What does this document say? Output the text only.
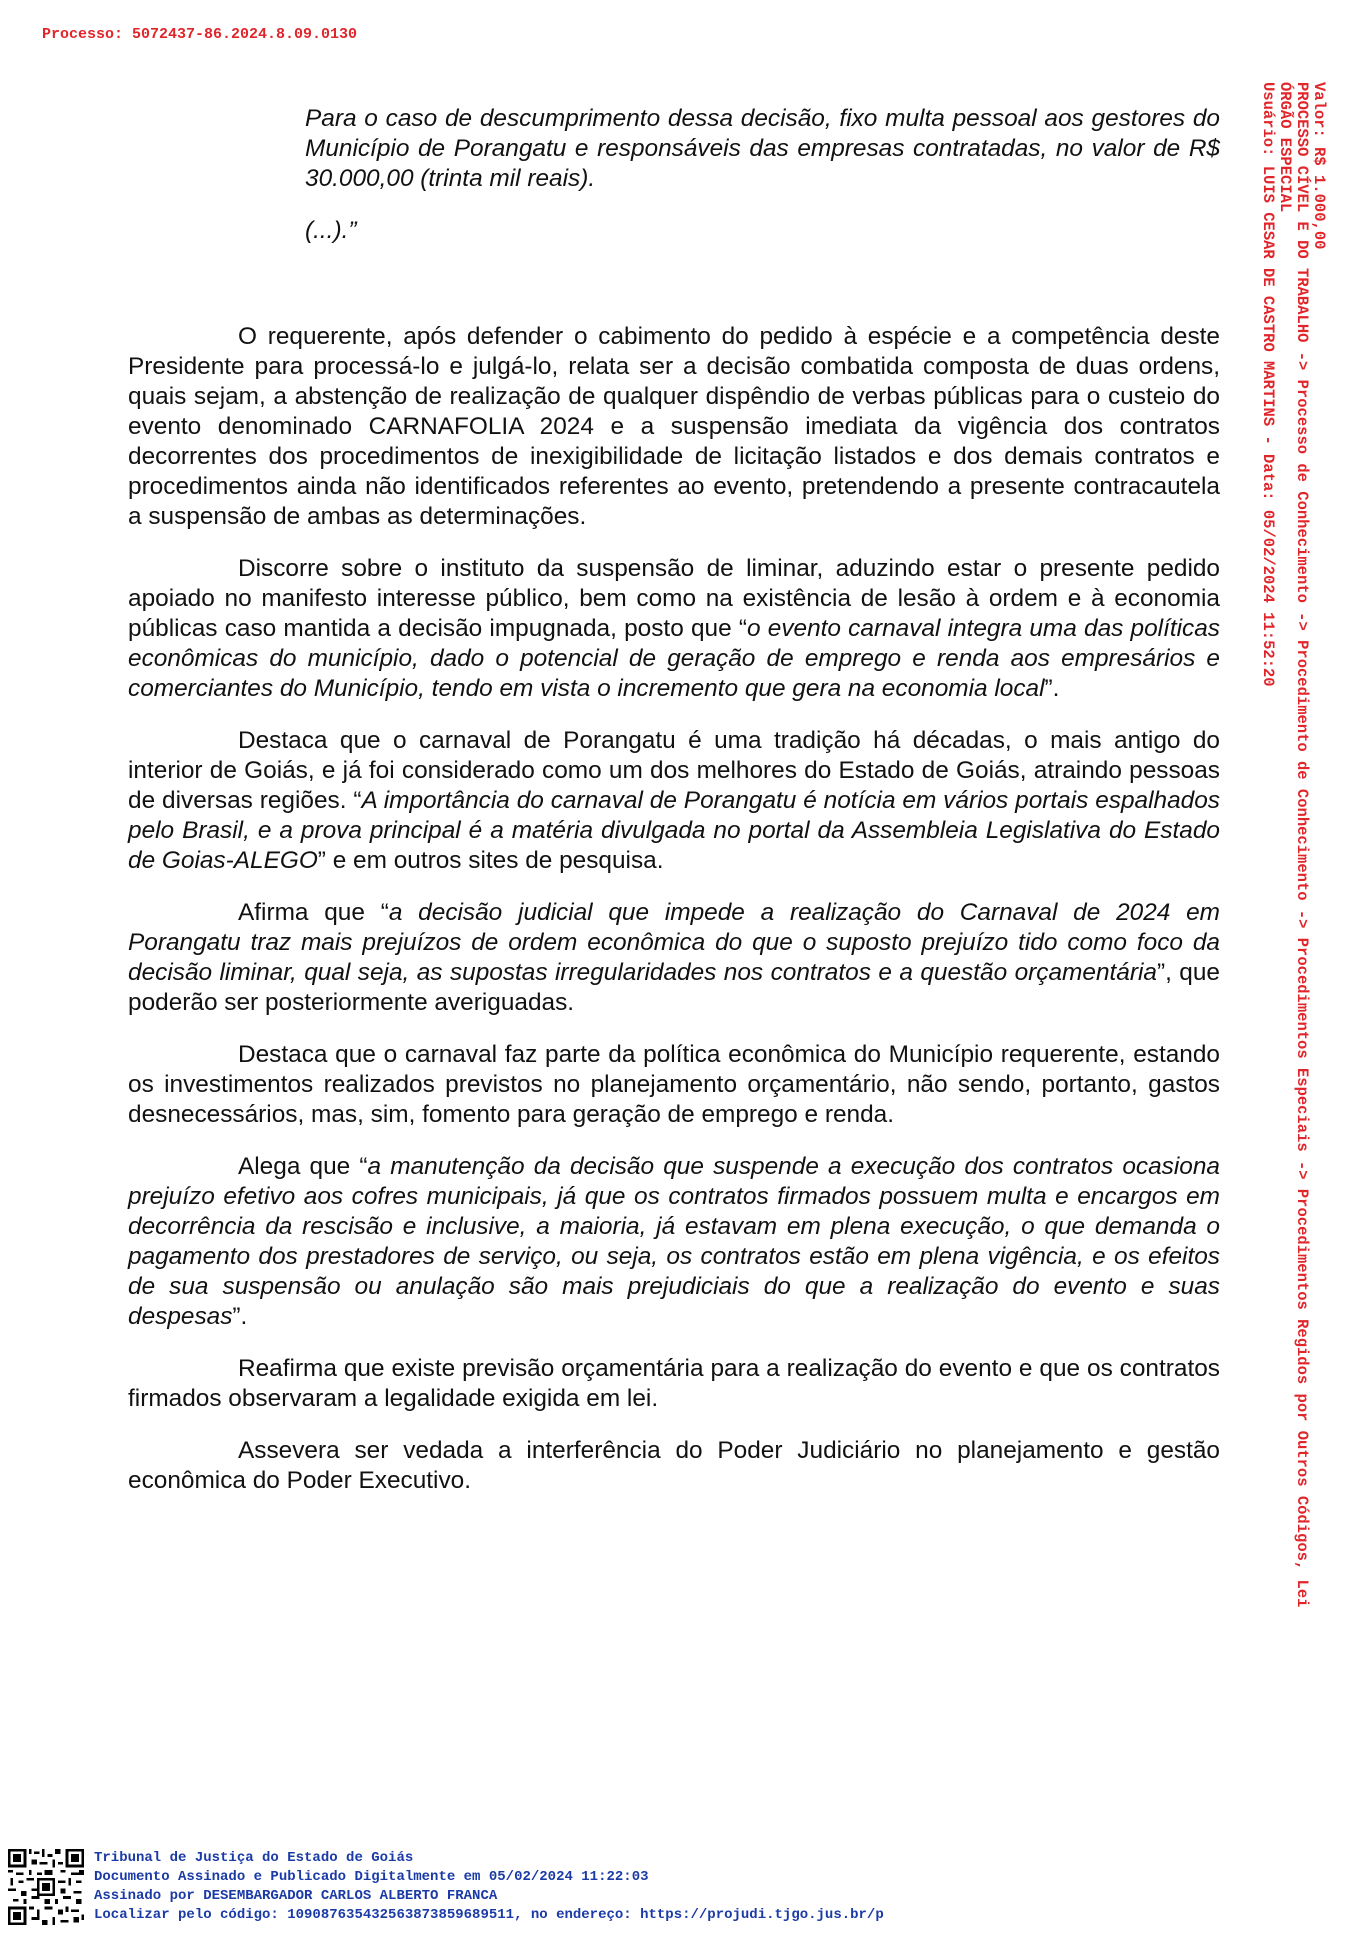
Processo: 5072437-86.2024.8.09.0130

Para o caso de descumprimento dessa decisão, fixo multa pessoal aos gestores do Município de Porangatu e responsáveis das empresas contratadas, no valor de R$ 30.000,00 (trinta mil reais).

(...).”

O requerente, após defender o cabimento do pedido à espécie e a competência deste Presidente para processá-lo e julgá-lo, relata ser a decisão combatida composta de duas ordens, quais sejam, a abstenção de realização de qualquer dispêndio de verbas públicas para o custeio do evento denominado CARNAFOLIA 2024 e a suspensão imediata da vigência dos contratos decorrentes dos procedimentos de inexigibilidade de licitação listados e dos demais contratos e procedimentos ainda não identificados referentes ao evento, pretendendo a presente contracautela a suspensão de ambas as determinações.

Discorre sobre o instituto da suspensão de liminar, aduzindo estar o presente pedido apoiado no manifesto interesse público, bem como na existência de lesão à ordem e à economia públicas caso mantida a decisão impugnada, posto que “o evento carnaval integra uma das políticas econômicas do município, dado o potencial de geração de emprego e renda aos empresários e comerciantes do Município, tendo em vista o incremento que gera na economia local”.

Destaca que o carnaval de Porangatu é uma tradição há décadas, o mais antigo do interior de Goiás, e já foi considerado como um dos melhores do Estado de Goiás, atraindo pessoas de diversas regiões. “A importância do carnaval de Porangatu é notícia em vários portais espalhados pelo Brasil, e a prova principal é a matéria divulgada no portal da Assembleia Legislativa do Estado de Goias-ALEGO” e em outros sites de pesquisa.

Afirma que “a decisão judicial que impede a realização do Carnaval de 2024 em Porangatu traz mais prejuízos de ordem econômica do que o suposto prejuízo tido como foco da decisão liminar, qual seja, as supostas irregularidades nos contratos e a questão orçamentária”, que poderão ser posteriormente averiguadas.

Destaca que o carnaval faz parte da política econômica do Município requerente, estando os investimentos realizados previstos no planejamento orçamentário, não sendo, portanto, gastos desnecessários, mas, sim, fomento para geração de emprego e renda.

Alega que “a manutenção da decisão que suspende a execução dos contratos ocasiona prejuízo efetivo aos cofres municipais, já que os contratos firmados possuem multa e encargos em decorrência da rescisão e inclusive, a maioria, já estavam em plena execução, o que demanda o pagamento dos prestadores de serviço, ou seja, os contratos estão em plena vigência, e os efeitos de sua suspensão ou anulação são mais prejudiciais do que a realização do evento e suas despesas”.

Reafirma que existe previsão orçamentária para a realização do evento e que os contratos firmados observaram a legalidade exigida em lei.

Assevera ser vedada a interferência do Poder Judiciário no planejamento e gestão econômica do Poder Executivo.

Valor: R$ 1.000,00
PROCESSO CÍVEL E DO TRABALHO -> Processo de Conhecimento -> Procedimento de Conhecimento -> Procedimentos Especiais -> Procedimentos Regidos por Outros Códigos, Lei
ÓRGÃO ESPECIAL
Usuário: LUIS CESAR DE CASTRO MARTINS - Data: 05/02/2024 11:52:20
Tribunal de Justiça do Estado de Goiás
Documento Assinado e Publicado Digitalmente em 05/02/2024 11:22:03
Assinado por DESEMBARGADOR CARLOS ALBERTO FRANCA
Localizar pelo código: 109087635432563873859689511, no endereço: https://projudi.tjgo.jus.br/p
